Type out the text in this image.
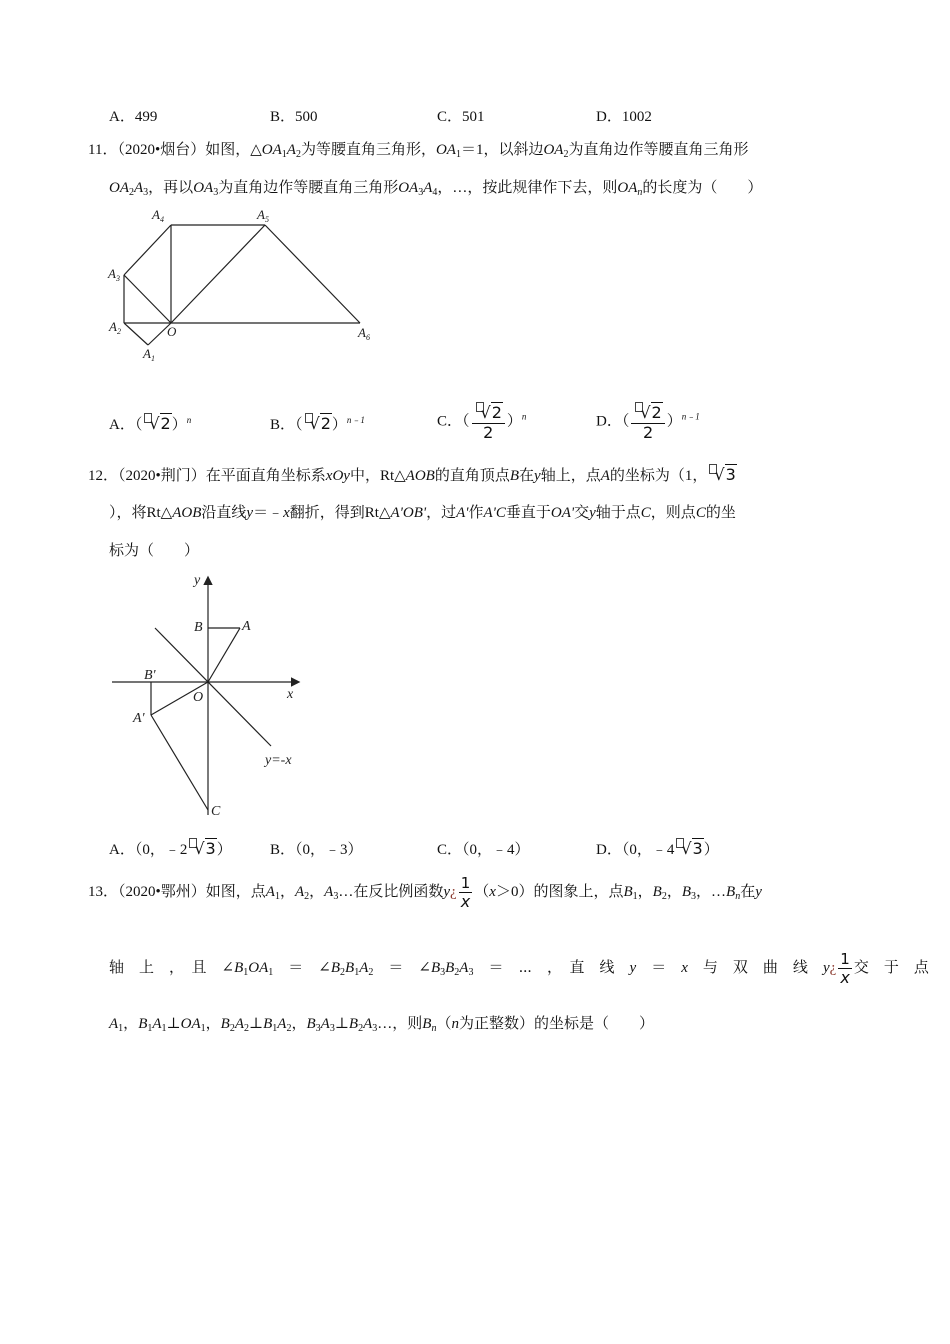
A．499	B．500	C．501	D．1002
11．（2020•烟台）如图，$\triangle OA_1A_2$为等腰直角三角形，$OA_1=1$，以斜边$OA_2$为直角边作等腰直角三角形
$OA_2A_3$，再以$OA_3$为直角边作等腰直角三角形$OA_3A_4$，…，按此规律作下去，则$OA_n$的长度为（　　）
$A_4$	$A_5$
$A_3$
$A_2$	O	$A_6$
$A_1$
A．（ √2）$^n$	B．（ √2）$^{n﹣1}$	C．（ $\frac{√2}{2} )^n$	D．（ $\frac{√2}{2} )^{n﹣1}$
12．（2020•荆门）在平面直角坐标系xOy中，Rt△AOB的直角顶点B在y轴上，点A的坐标为（1， √3
），将Rt△AOB沿直线y＝﹣x翻折，得到Rt△A'OB'，过A'作A'C垂直于OA'交y轴于点C，则点C的坐
标为（　　）
y
B	A
B'
O	x
A'
y=-x
C
A．（0，﹣2 √3）	B．（0，﹣3）	C．（0，﹣4）	D．（0，﹣4 √3）
13．（2020•鄂州）如图，点$A_1$，$A_2$，$A_3\dots$在反比例函数y¿ $\frac{1}{x} (x>0)$的图象上，点$B_1$，$B_2$，$B_3$，$\dots B_n$在y
轴　上　，　且　$\angle B_1OA_1$　 ＝　$\angle B_2B_1A_2$　 ＝　$\angle B_3B_2A_3$　 ＝　⋯　，　直　线　 y　 ＝　 x　 与　双　曲　线　 y¿ $\frac{1}{x}$ 交　于　点
$A_1$，$B_1A_1\perp OA_1$，$B_2A_2\perp B_1A_2$，$B_3A_3\perp B_2A_3\dots$，则$B_n(n$为正整数）的坐标是（　　）
